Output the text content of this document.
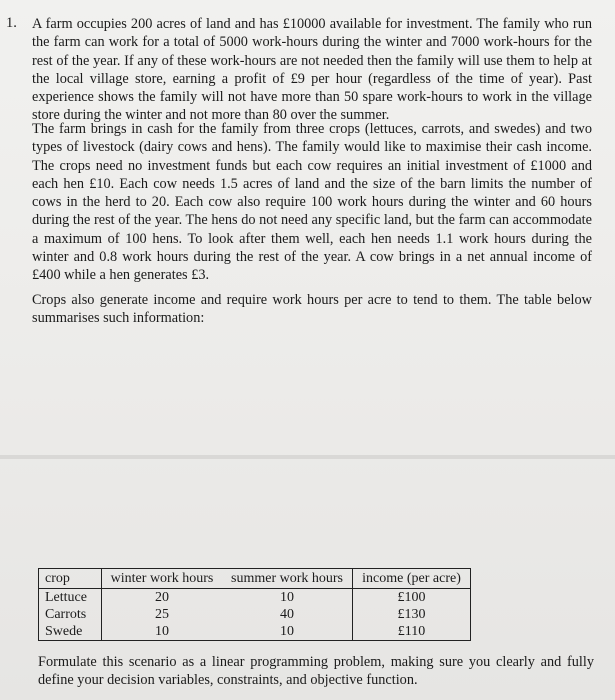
1. A farm occupies 200 acres of land and has £10000 available for investment. The family who run the farm can work for a total of 5000 work-hours during the winter and 7000 work-hours for the rest of the year. If any of these work-hours are not needed then the family will use them to help at the local village store, earning a profit of £9 per hour (regardless of the time of year). Past experience shows the family will not have more than 50 spare work-hours to work in the village store during the winter and not more than 80 over the summer.
The farm brings in cash for the family from three crops (lettuces, carrots, and swedes) and two types of livestock (dairy cows and hens). The family would like to maximise their cash income. The crops need no investment funds but each cow requires an initial investment of £1000 and each hen £10. Each cow needs 1.5 acres of land and the size of the barn limits the number of cows in the herd to 20. Each cow also require 100 work hours during the winter and 60 hours during the rest of the year. The hens do not need any specific land, but the farm can accommodate a maximum of 100 hens. To look after them well, each hen needs 1.1 work hours during the winter and 0.8 work hours during the rest of the year. A cow brings in a net annual income of £400 while a hen generates £3.
Crops also generate income and require work hours per acre to tend to them. The table below summarises such information:
crop	winter work hours	summer work hours	income (per acre)
Lettuce	20	10	£100
Carrots	25	40	£130
Swede	10	10	£110
Formulate this scenario as a linear programming problem, making sure you clearly and fully define your decision variables, constraints, and objective function.
